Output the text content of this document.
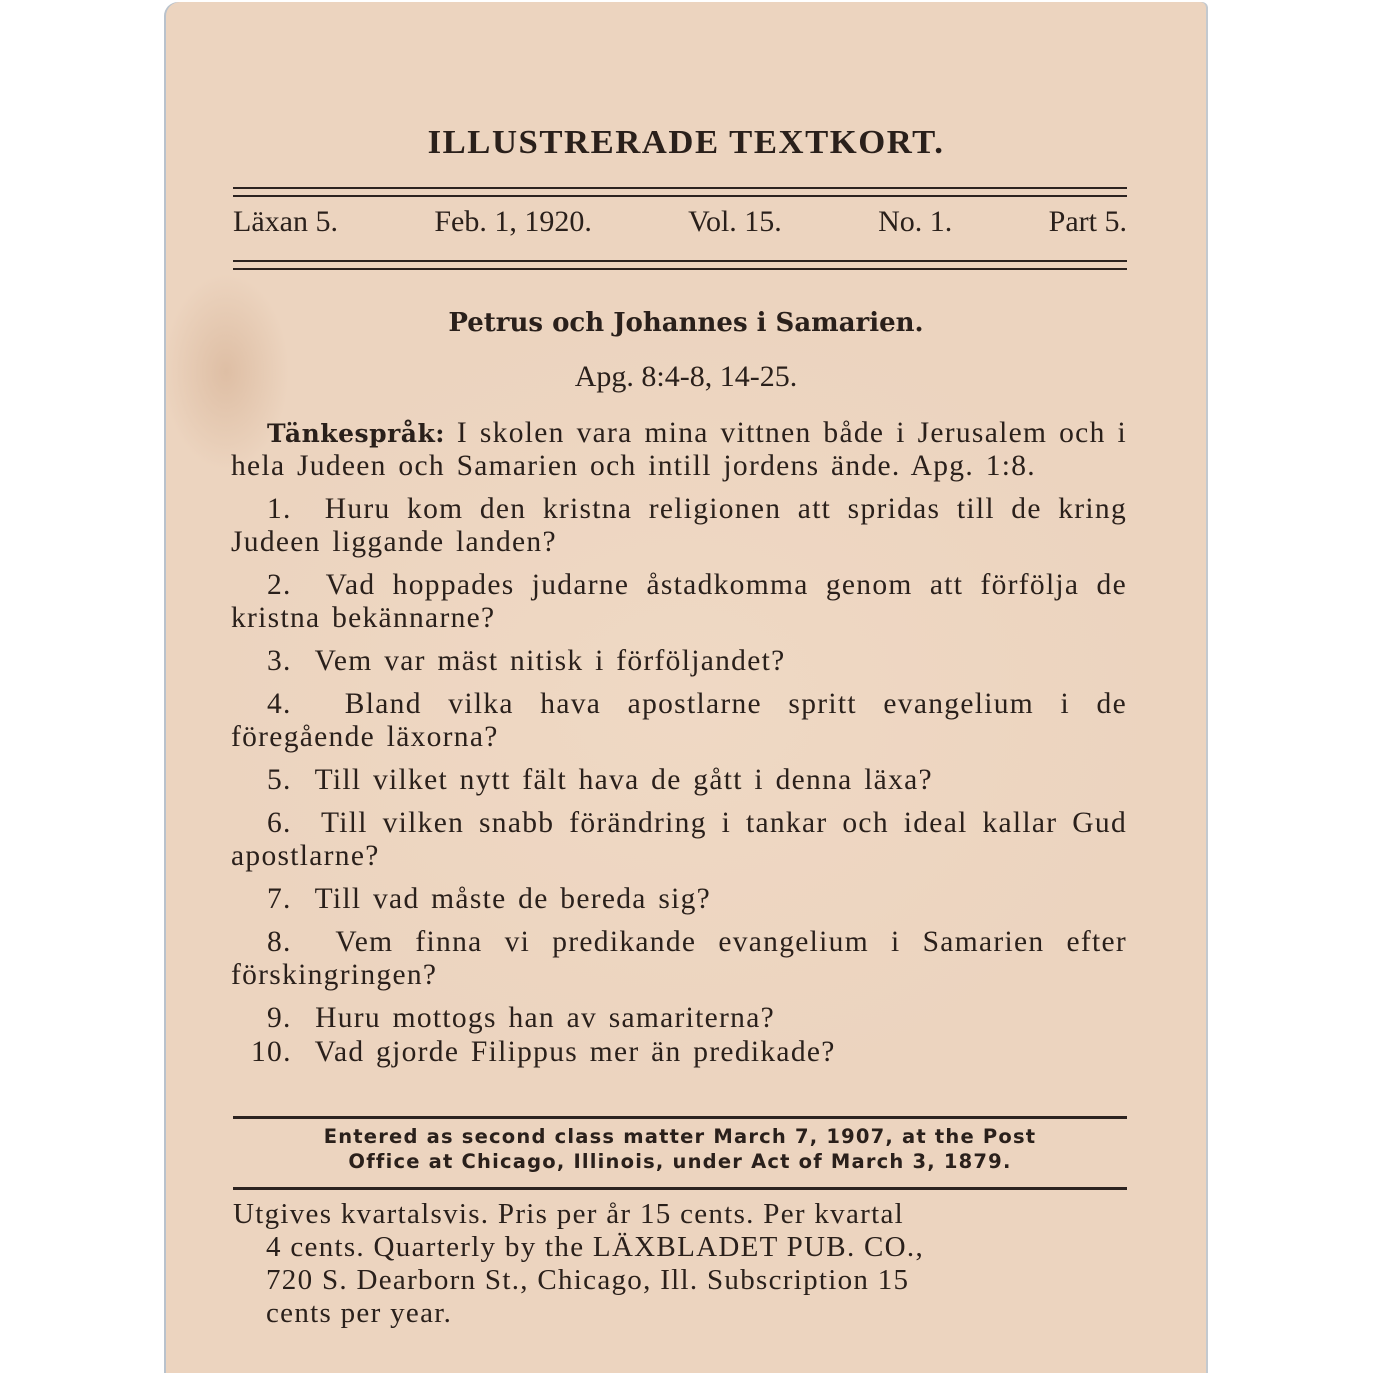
ILLUSTRERADE TEXTKORT.
Läxan 5.	Feb. 1, 1920.	Vol. 15.	No. 1.	Part 5.
Petrus och Johannes i Samarien.
Apg. 8:4-8, 14-25.

Tänkespråk: I skolen vara mina vittnen både i Jerusalem och i hela Judeen och Samarien och intill jordens ände. Apg. 1:8.

1. Huru kom den kristna religionen att spridas till de kring Judeen liggande landen?

2. Vad hoppades judarne åstadkomma genom att förfölja de kristna bekännarne?

3. Vem var mäst nitisk i förföljandet?

4. Bland vilka hava apostlarne spritt evangelium i de föregående läxorna?

5. Till vilket nytt fält hava de gått i denna läxa?

6. Till vilken snabb förändring i tankar och ideal kallar Gud apostlarne?

7. Till vad måste de bereda sig?

8. Vem finna vi predikande evangelium i Samarien efter förskingringen?

9. Huru mottogs han av samariterna?

10. Vad gjorde Filippus mer än predikade?

Entered as second class matter March 7, 1907, at the Post
Office at Chicago, Illinois, under Act of March 3, 1879.
Utgives kvartalsvis. Pris per år 15 cents. Per kvartal
4 cents. Quarterly by the LÄXBLADET PUB. CO.,
720 S. Dearborn St., Chicago, Ill. Subscription 15
cents per year.
